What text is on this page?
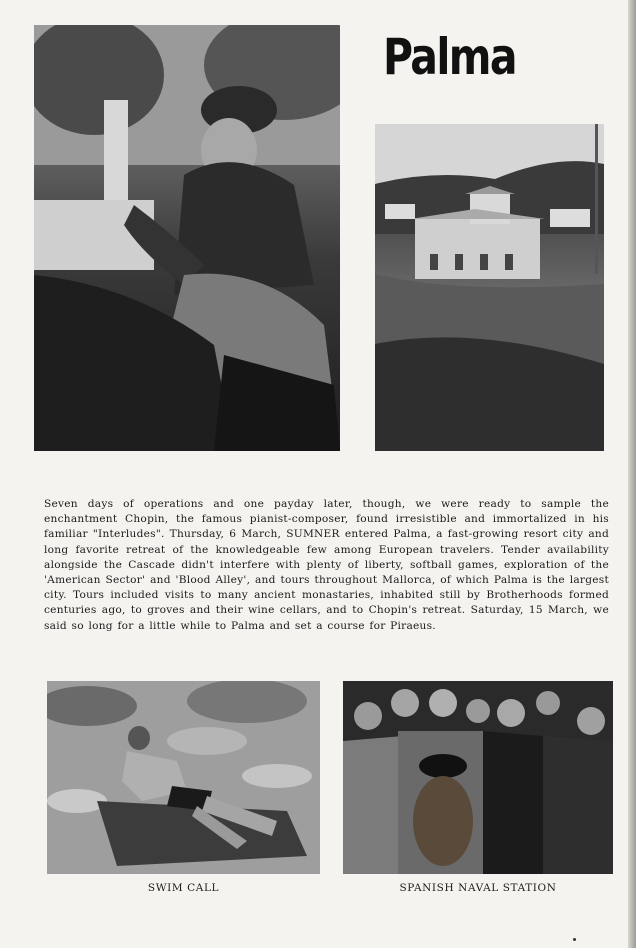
Palma
Seven days of operations and one payday later, though, we were ready to sample the enchantment Chopin, the famous pianist-composer, found irresistible and immortalized in his familiar "Interludes". Thursday, 6 March, SUMNER entered Palma, a fast-growing resort city and long favorite retreat of the knowledgeable few among European travelers. Tender availability alongside the Cascade didn't interfere with plenty of liberty, softball games, exploration of the 'American Sector' and 'Blood Alley', and tours throughout Mallorca, of which Palma is the largest city. Tours included visits to many ancient monastaries, inhabited still by Brotherhoods formed centuries ago, to groves and their wine cellars, and to Chopin's retreat. Saturday, 15 March, we said so long for a little while to Palma and set a course for Piraeus.
SWIM CALL	SPANISH NAVAL STATION
